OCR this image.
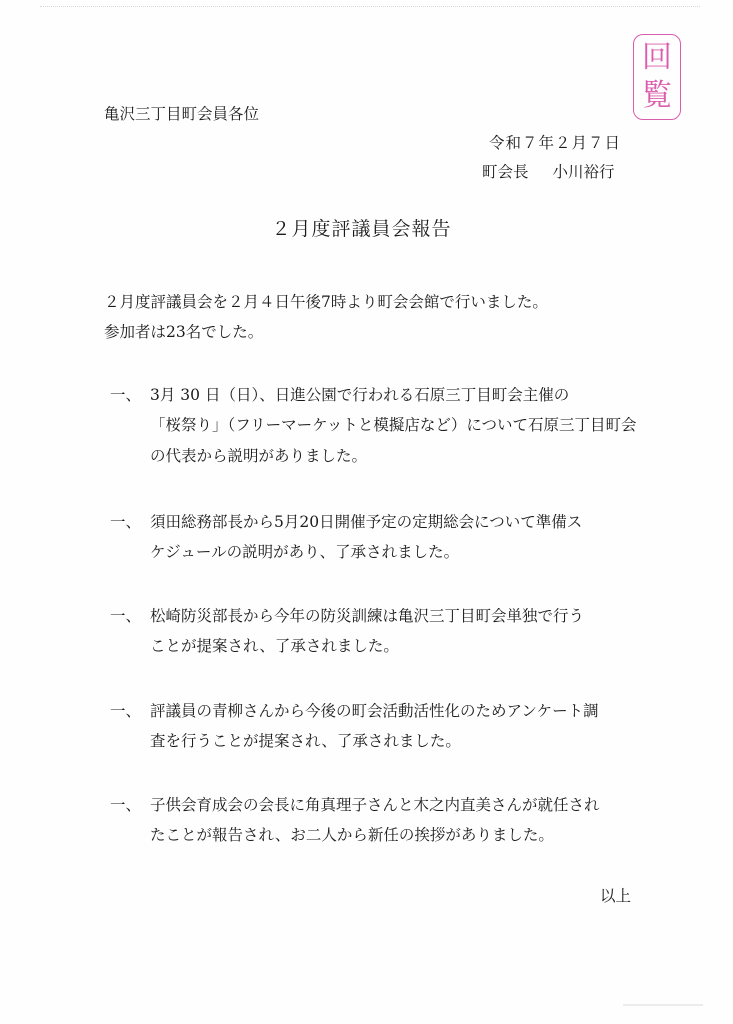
回
覧
亀沢三丁目町会員各位
令和７年２月７日
町会長 小川裕行
２月度評議員会報告
２月度評議員会を２月４日午後7時より町会会館で行いました。
参加者は23名でした。
一、 3月 30 日（日）、日進公園で行われる石原三丁目町会主催の
「桜祭り」（フリーマーケットと模擬店など）について石原三丁目町会
の代表から説明がありました。
一、 須田総務部長から5月20日開催予定の定期総会について準備ス
ケジュールの説明があり、了承されました。
一、 松崎防災部長から今年の防災訓練は亀沢三丁目町会単独で行う
ことが提案され、了承されました。
一、 評議員の青柳さんから今後の町会活動活性化のためアンケート調
査を行うことが提案され、了承されました。
一、 子供会育成会の会長に角真理子さんと木之内直美さんが就任され
たことが報告され、お二人から新任の挨拶がありました。
以上
